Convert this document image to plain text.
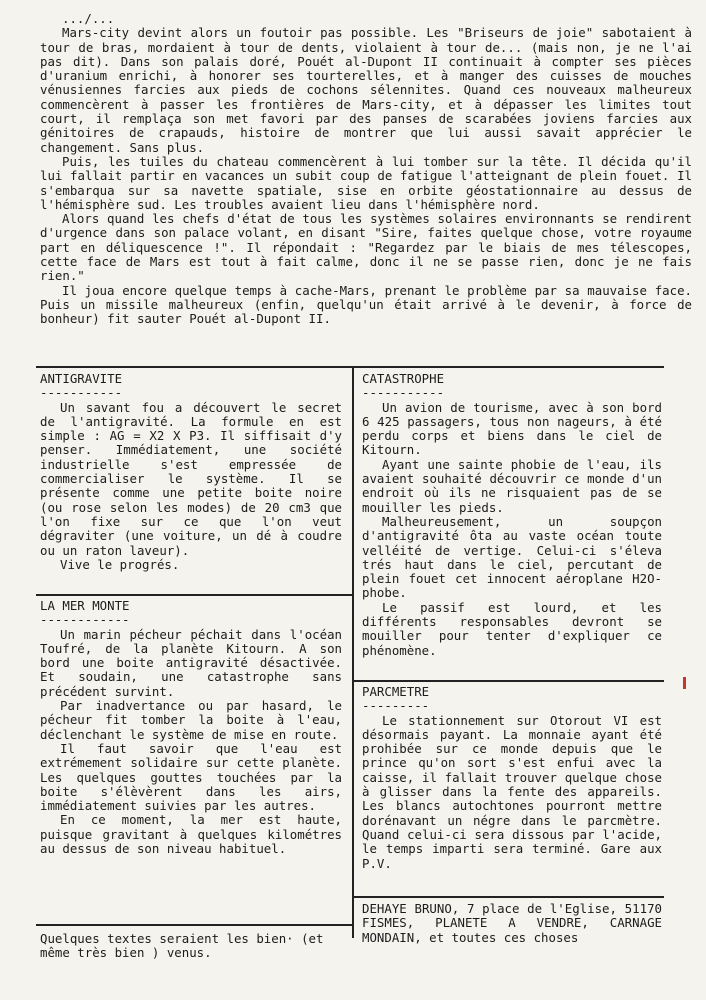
.../...

Mars-city devint alors un foutoir pas possible. Les "Briseurs de joie" sabotaient à tour de bras, mordaient à tour de dents, violaient à tour de... (mais non, je ne l'ai pas dit). Dans son palais doré, Pouét al-Dupont II continuait à compter ses pièces d'uranium enrichi, à honorer ses tourterelles, et à manger des cuisses de mouches vénusiennes farcies aux pieds de cochons sélennites. Quand ces nouveaux malheureux commencèrent à passer les frontières de Mars-city, et à dépasser les limites tout court, il remplaça son met favori par des panses de scarabées joviens farcies aux génitoires de crapauds, histoire de montrer que lui aussi savait apprécier le changement. Sans plus.

Puis, les tuiles du chateau commencèrent à lui tomber sur la tête. Il décida qu'il lui fallait partir en vacances un subit coup de fatigue l'atteignant de plein fouet. Il s'embarqua sur sa navette spatiale, sise en orbite géostationnaire au dessus de l'hémisphère sud. Les troubles avaient lieu dans l'hémisphère nord.

Alors quand les chefs d'état de tous les systèmes solaires environnants se rendirent d'urgence dans son palace volant, en disant "Sire, faites quelque chose, votre royaume part en déliquescence !". Il répondait : "Regardez par le biais de mes télescopes, cette face de Mars est tout à fait calme, donc il ne se passe rien, donc je ne fais rien."

Il joua encore quelque temps à cache-Mars, prenant le problème par sa mauvaise face. Puis un missile malheureux (enfin, quelqu'un était arrivé à le devenir, à force de bonheur) fit sauter Pouét al-Dupont II.

ANTIGRAVITE

-----------

Un savant fou a découvert le secret de l'antigravité. La formule en est simple : AG = X2 X P3. Il siffisait d'y penser. Immédiatement, une société industrielle s'est empressée de commercialiser le système. Il se présente comme une petite boite noire (ou rose selon les modes) de 20 cm3 que l'on fixe sur ce que l'on veut dégraviter (une voiture, un dé à coudre ou un raton laveur).

Vive le progrés.

LA MER MONTE

------------

Un marin pécheur péchait dans l'océan Toufré, de la planète Kitourn. A son bord une boite antigravité désactivée. Et soudain, une catastrophe sans précédent survint.

Par inadvertance ou par hasard, le pécheur fit tomber la boite à l'eau, déclenchant le système de mise en route.

Il faut savoir que l'eau est extrémement solidaire sur cette planète. Les quelques gouttes touchées par la boite s'élèvèrent dans les airs, immédiatement suivies par les autres.

En ce moment, la mer est haute, puisque gravitant à quelques kilométres au dessus de son niveau habituel.

CATASTROPHE

-----------

Un avion de tourisme, avec à son bord 6 425 passagers, tous non nageurs, à été perdu corps et biens dans le ciel de Kitourn.

Ayant une sainte phobie de l'eau, ils avaient souhaité découvrir ce monde d'un endroit où ils ne risquaient pas de se mouiller les pieds.

Malheureusement, un soupçon d'antigravité ôta au vaste océan toute velléité de vertige. Celui-ci s'éleva trés haut dans le ciel, percutant de plein fouet cet innocent aéroplane H2O-phobe.

Le passif est lourd, et les différents responsables devront se mouiller pour tenter d'expliquer ce phénomène.

PARCMETRE

---------

Le stationnement sur Otorout VI est désormais payant. La monnaie ayant été prohibée sur ce monde depuis que le prince qu'on sort s'est enfui avec la caisse, il fallait trouver quelque chose à glisser dans la fente des appareils. Les blancs autochtones pourront mettre dorénavant un négre dans le parcmètre. Quand celui-ci sera dissous par l'acide, le temps imparti sera terminé. Gare aux P.V.

DEHAYE BRUNO, 7 place de l'Eglise, 51170 FISMES, PLANETE A VENDRE, CARNAGE MONDAIN, et toutes ces choses

Quelques textes seraient les bien· (et même très bien ) venus.
